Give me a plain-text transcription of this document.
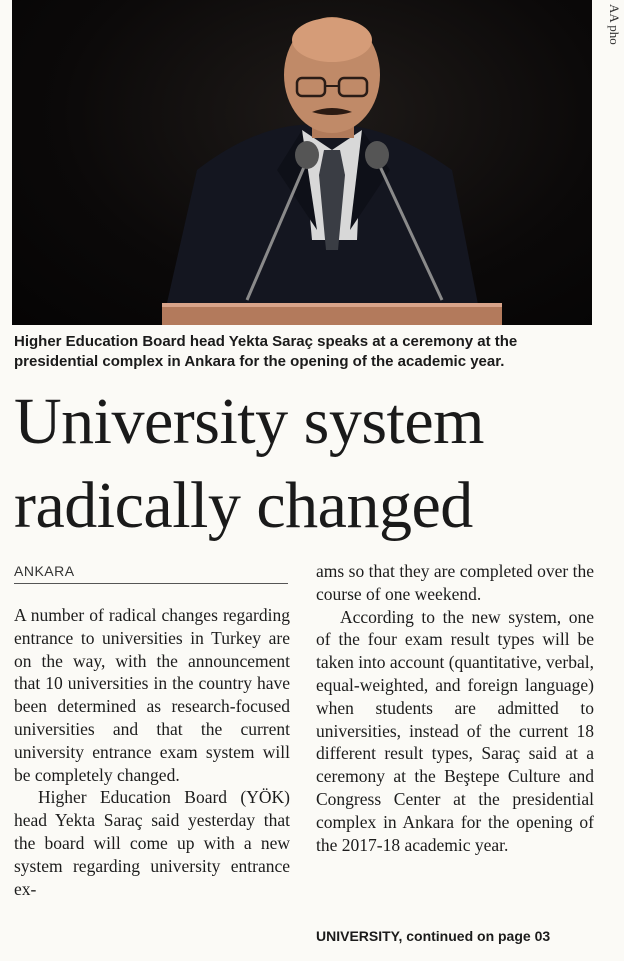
AA pho
Higher Education Board head Yekta Saraç speaks at a ceremony at the presidential complex in Ankara for the opening of the academic year.
University system
radically changed
ANKARA

A number of radical changes regarding entrance to universities in Turkey are on the way, with the announcement that 10 universities in the country have been determined as research-focused universities and that the current university entrance exam system will be completely changed.

Higher Education Board (YÖK) head Yekta Saraç said yesterday that the board will come up with a new system regarding university entrance ex-

ams so that they are completed over the course of one weekend.

According to the new system, one of the four exam result types will be taken into account (quantitative, verbal, equal-weighted, and foreign language) when students are admitted to universities, instead of the current 18 different result types, Saraç said at a ceremony at the Beştepe Culture and Congress Center at the presidential complex in Ankara for the opening of the 2017-18 academic year.

UNIVERSITY, continued on page 03
